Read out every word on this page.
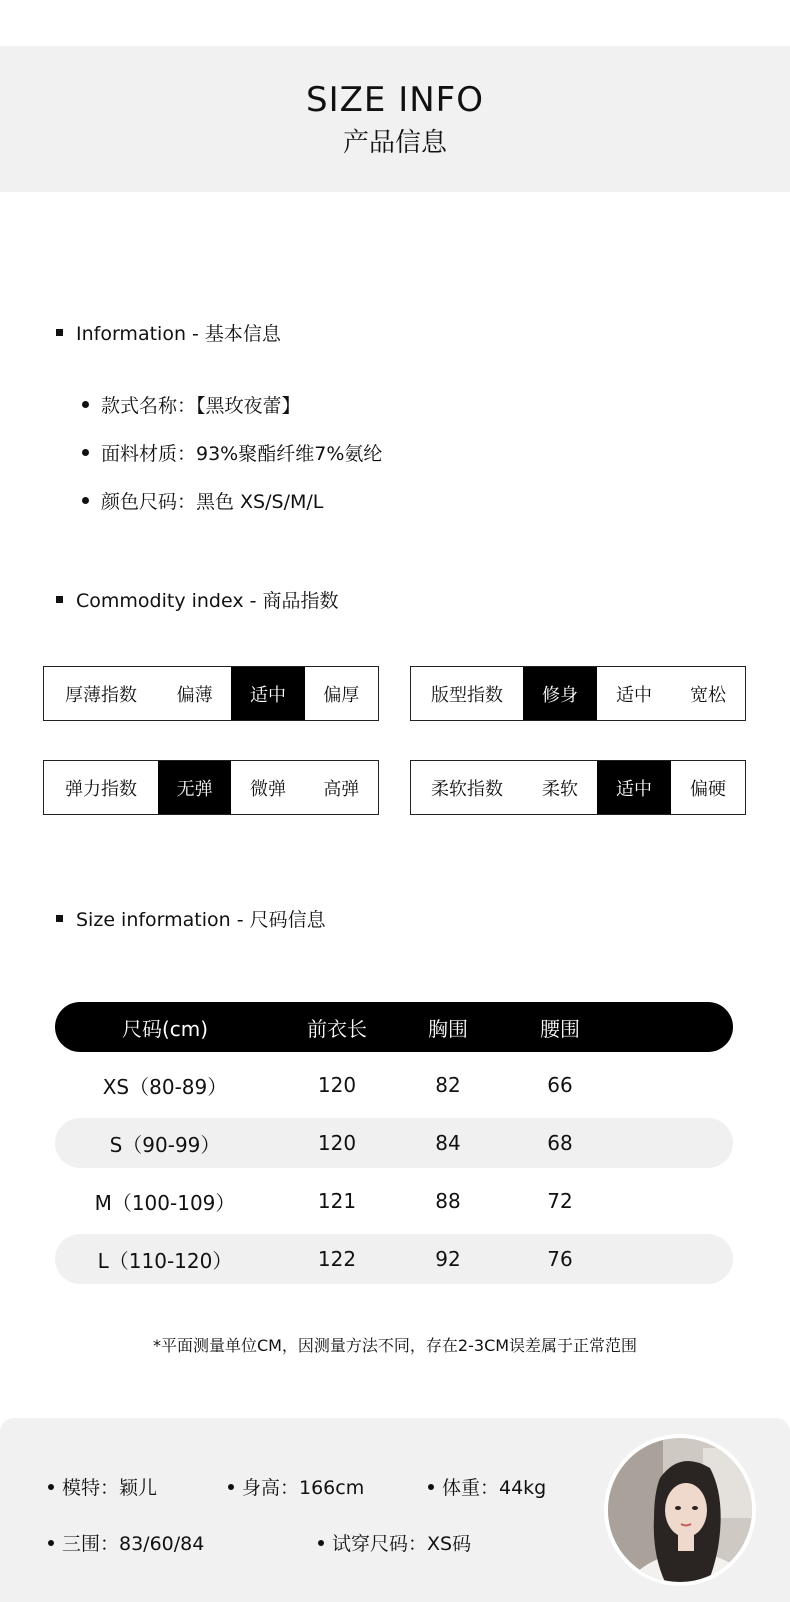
SIZE INFO
产品信息
Information - 基本信息
款式名称：【黑玫夜蕾】
面料材质：93%聚酯纤维7%氨纶
颜色尺码：黑色 XS/S/M/L
Commodity index - 商品指数
厚薄指数	偏薄	适中	偏厚	版型指数	修身	适中	宽松
弹力指数	无弹	微弹	高弹	柔软指数	柔软	适中	偏硬
Size information - 尺码信息
尺码(cm)	前衣长	胸围	腰围
XS（80-89）	120	82	66
S（90-99）	120	84	68
M（100-109）	121	88	72
L（110-120）	122	92	76
*平面测量单位CM，因测量方法不同，存在2-3CM误差属于正常范围
模特：颖儿	身高：166cm	体重：44kg
三围：83/60/84	试穿尺码：XS码
